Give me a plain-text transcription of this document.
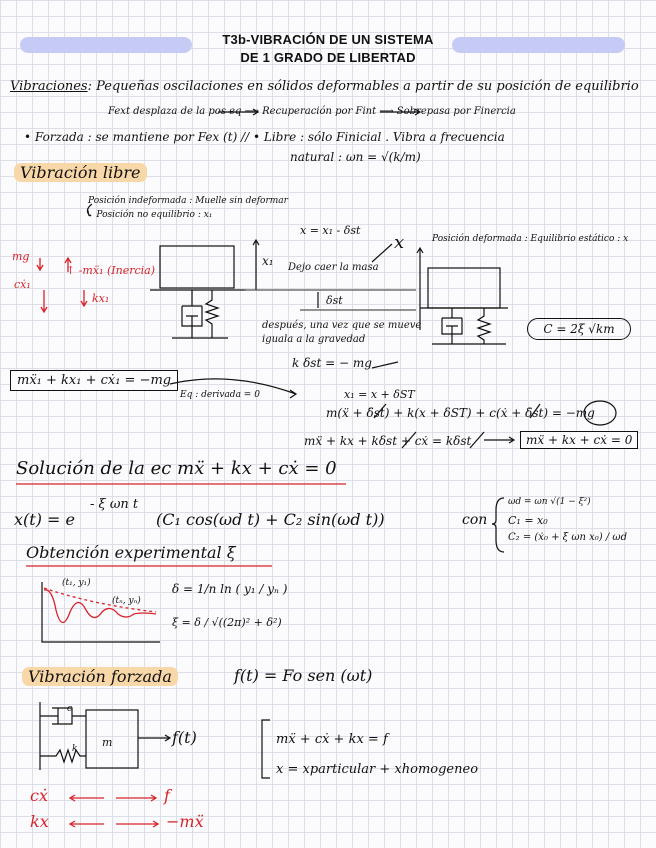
T3b-VIBRACIÓN DE UN SISTEMA
DE 1 GRADO DE LIBERTAD
Vibraciones: Pequeñas oscilaciones en sólidos deformables a partir de su posición de equilibrio
Fext desplaza de la pos eq ⟶ Recuperación por Fint ⟶ Sobrepasa por Finercia
• Forzada : se mantiene por Fex (t) // • Libre : sólo Finicial . Vibra a frecuencia
natural : ωn = √(k/m)
Vibración libre
Posición indeformada : Muelle sin deformar
↳ Posición no equilibrio : x₁
mg
cẋ₁
↑ -mẍ₁ (Inercia)
kx₁
x = x₁ - δst
x₁
x
Dejo caer la masa
δst
después, una vez que se mueve
iguala a la gravedad
k δst = − mg
Posición deformada : Equilibrio estático : x
C = 2ξ √km
mẍ₁ + kx₁ + cẋ₁ = −mg
Eq : derivada = 0	x₁ = x + δST
m(ẍ + δ̈st) + k(x + δST) + c(ẋ + δ̇st) = −mg
mẍ + kx + kδst + cẋ = kδst	mẍ + kx + cẋ = 0
Solución de la ec mẍ + kx + cẋ = 0
x(t) = e
- ξ ωn t
(C₁ cos(ωd t) + C₂ sin(ωd t))	con
ωd = ωn √(1 − ξ²)
C₁ = x₀
C₂ = (ẋ₀ + ξ ωn x₀) / ωd
Obtención experimental ξ
(t₁, y₁)
(tₙ, yₙ)
δ = 1/n ln ( y₁ / yₙ )
ξ = δ / √((2π)² + δ²)
Vibración forzada	f(t) = Fo sen (ωt)
c
k m	f(t)	mẍ + cẋ + kx = f
x = xparticular + xhomogeneo
cẋ	f
kx	−mẍ
